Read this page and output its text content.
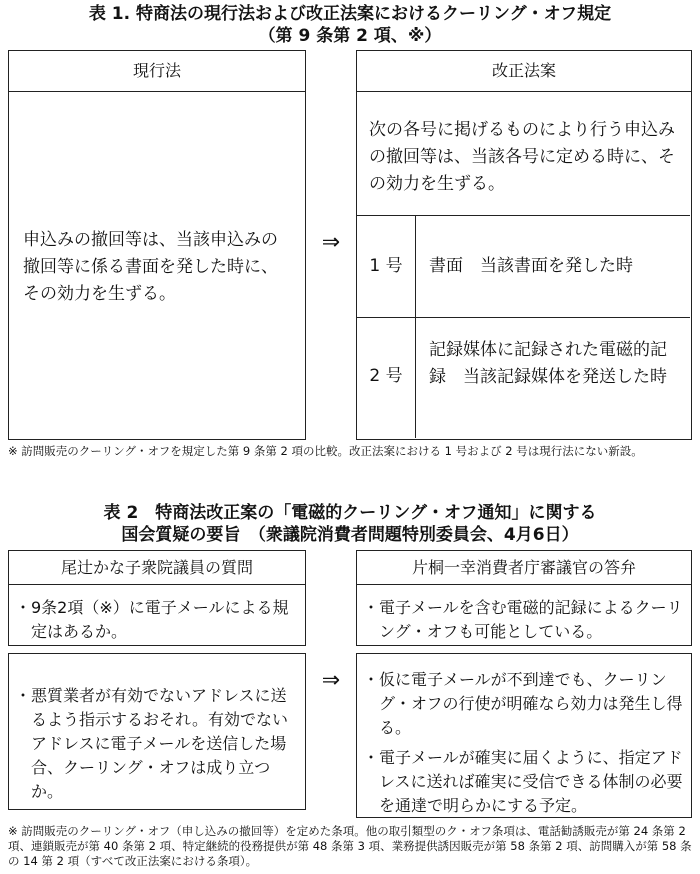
表 1. 特商法の現行法および改正法案におけるクーリング・オフ規定
（第 9 条第 2 項、※）
現行法
申込みの撤回等は、当該申込みの撤回等に係る書面を発した時に、その効力を生ずる。
⇒
改正法案
次の各号に掲げるものにより行う申込みの撤回等は、当該各号に定める時に、その効力を生ずる。
1 号	書面　当該書面を発した時
2 号
記録媒体に記録された電磁的記録　当該記録媒体を発送した時
※ 訪問販売のクーリング・オフを規定した第 9 条第 2 項の比較。改正法案における 1 号および 2 号は現行法にない新設。
表 2　特商法改正案の「電磁的クーリング・オフ通知」に関する
国会質疑の要旨　（衆議院消費者問題特別委員会、4月6日）
尾辻かな子衆院議員の質問
・ 9条2項（※）に電子メールによる規定はあるか。
・ 悪質業者が有効でないアドレスに送るよう指示するおそれ。有効でないアドレスに電子メールを送信した場合、クーリング・オフは成り立つか。
⇒
片桐一幸消費者庁審議官の答弁
・ 電子メールを含む電磁的記録によるクーリング・オフも可能としている。
・ 仮に電子メールが不到達でも、クーリング・オフの行使が明確なら効力は発生し得る。
・ 電子メールが確実に届くように、指定アドレスに送れば確実に受信できる体制の必要を通達で明らかにする予定。
※ 訪問販売のクーリング・オフ（申し込みの撤回等）を定めた条項。他の取引類型のク・オフ条項は、電話勧誘販売が第 24 条第 2 項、連鎖販売が第 40 条第 2 項、特定継続的役務提供が第 48 条第 3 項、業務提供誘因販売が第 58 条第 2 項、訪問購入が第 58 条の 14 第 2 項（すべて改正法案における条項）。
